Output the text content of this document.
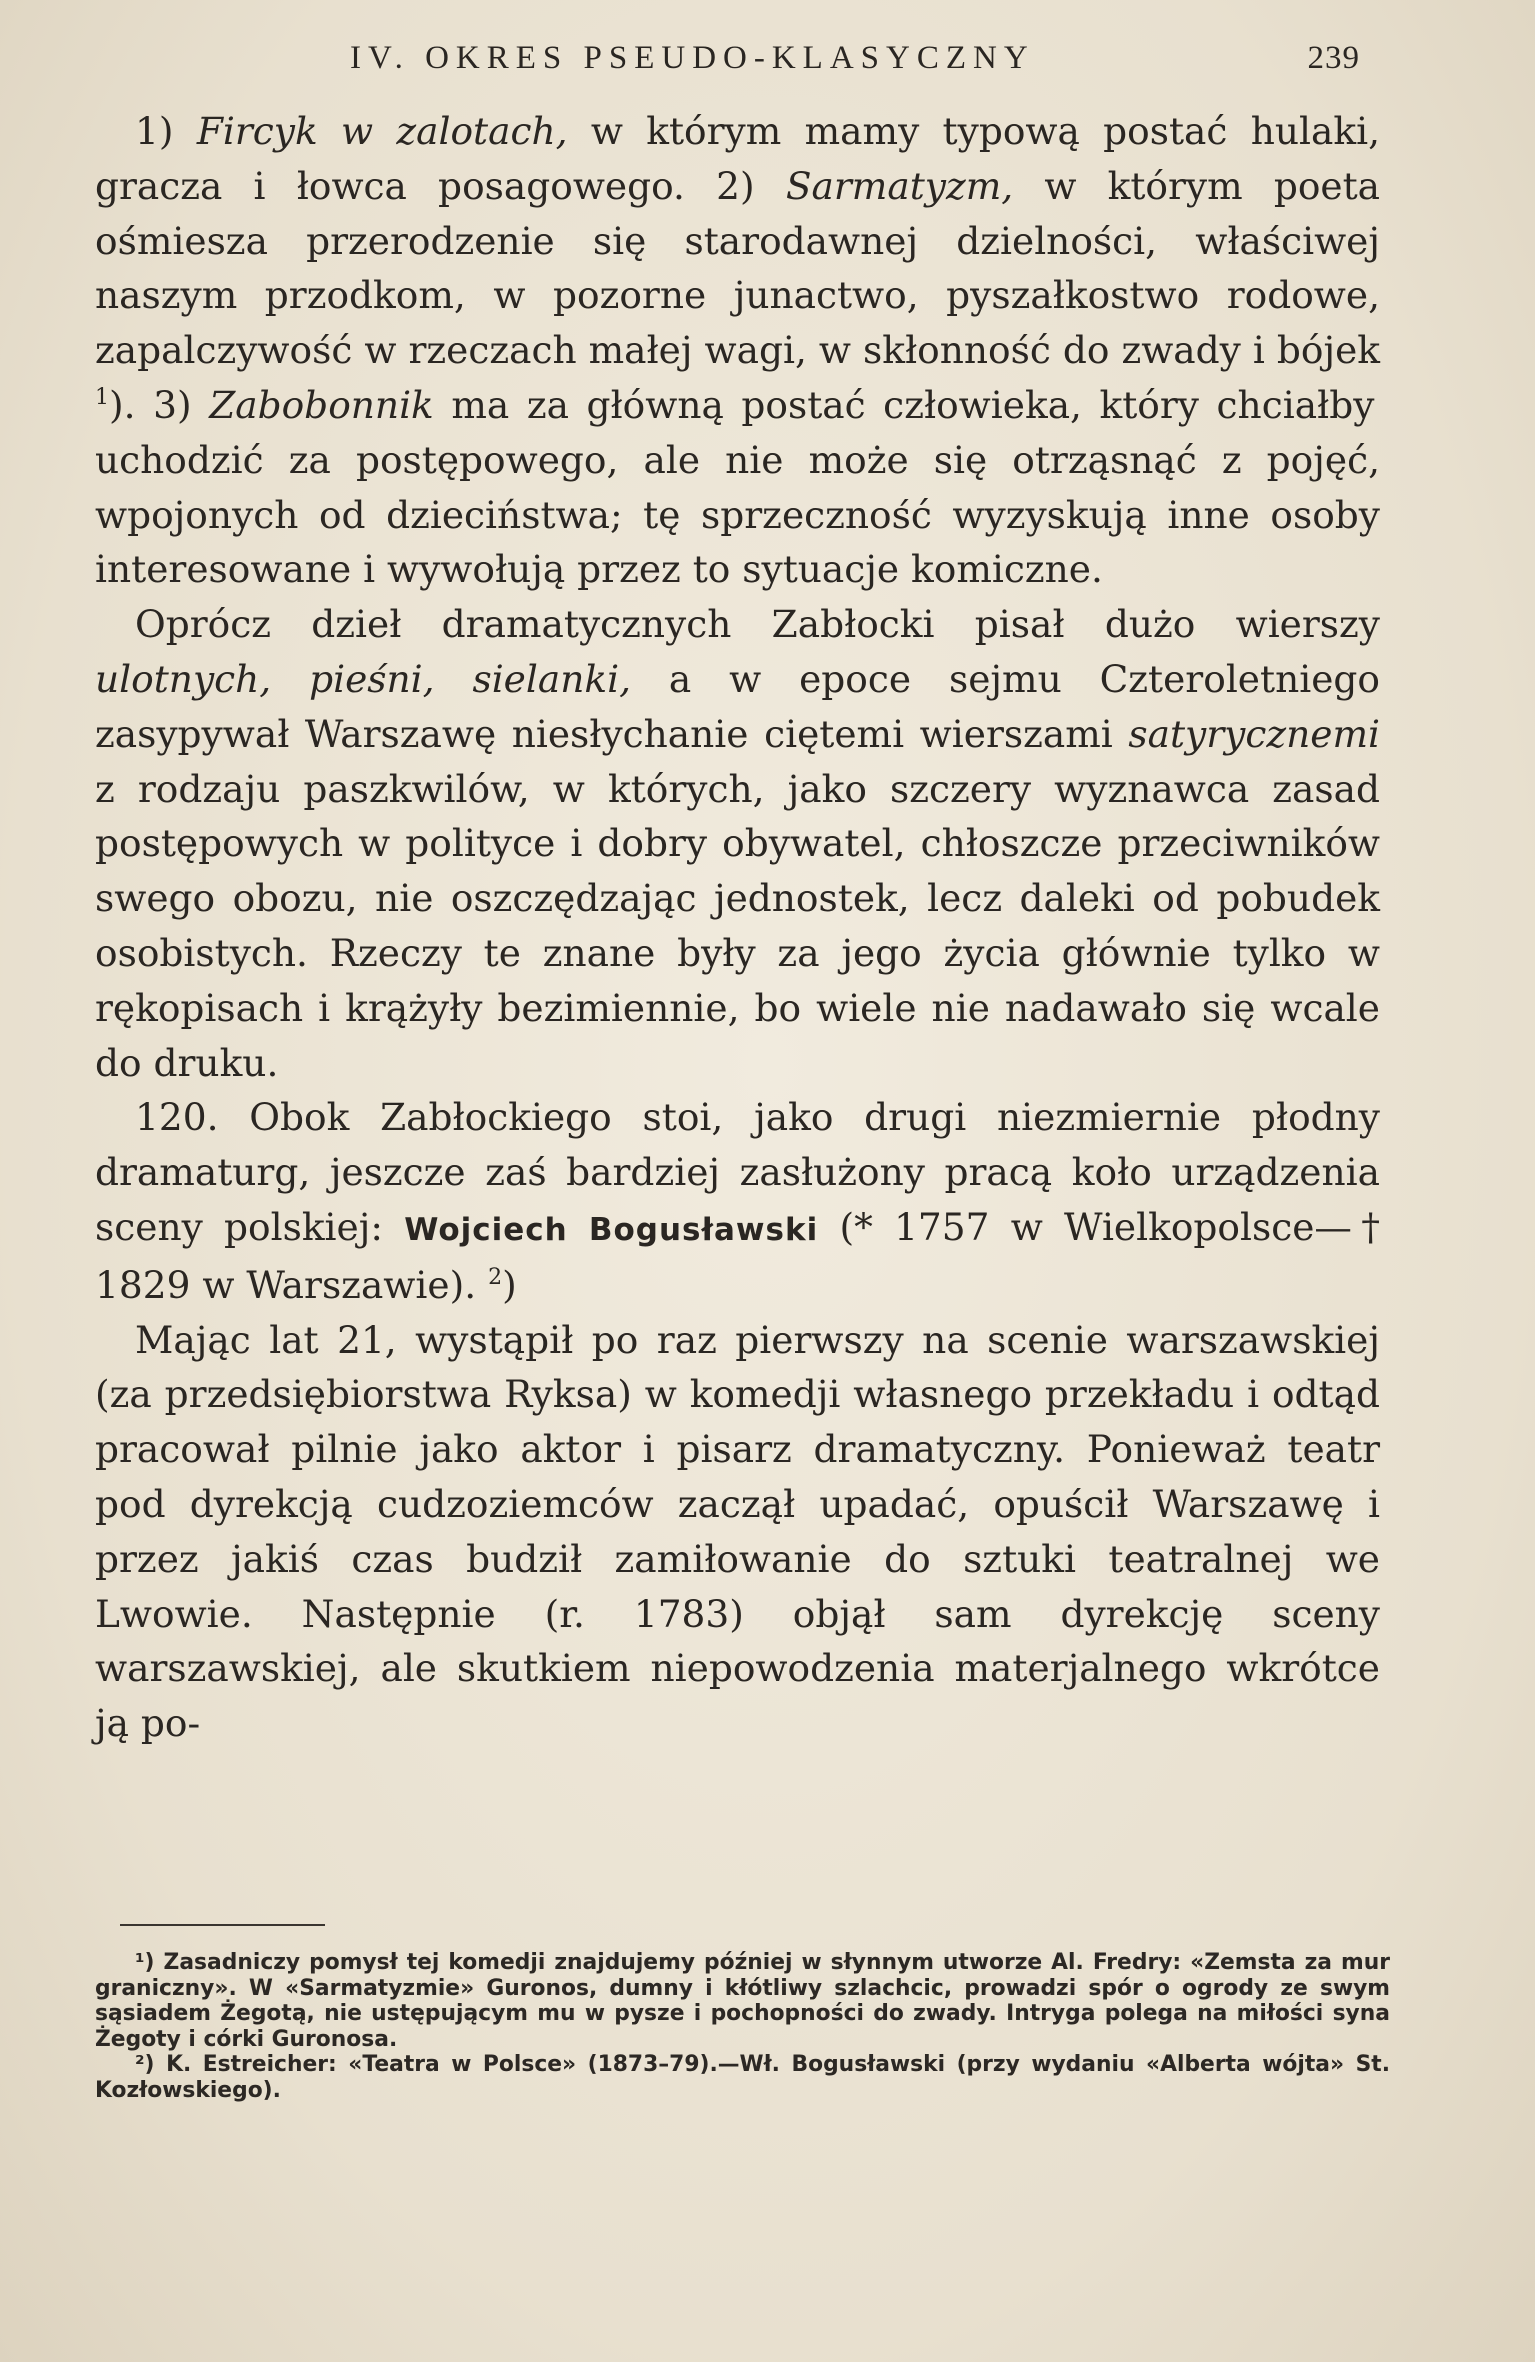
IV. OKRES PSEUDO-KLASYCZNY	239

1) Fircyk w zalotach, w którym mamy typową postać hulaki, gracza i łowca posagowego. 2) Sarmatyzm, w którym poeta ośmiesza przerodzenie się starodawnej dzielności, właściwej naszym przodkom, w pozorne junactwo, pyszałkostwo rodowe, zapalczywość w rzeczach małej wagi, w skłonność do zwady i bójek $^1$). 3) Zabobonnik ma za główną postać człowieka, który chciałby uchodzić za postępowego, ale nie może się otrząsnąć z pojęć, wpojonych od dzieciństwa; tę sprzeczność wyzyskują inne osoby interesowane i wywołują przez to sytuacje komiczne.

Oprócz dzieł dramatycznych Zabłocki pisał dużo wierszy ulotnych, pieśni, sielanki, a w epoce sejmu Czteroletniego zasypywał Warszawę niesłychanie ciętemi wierszami satyrycznemi z rodzaju paszkwilów, w których, jako szczery wyznawca zasad postępowych w polityce i dobry obywatel, chłoszcze przeciwników swego obozu, nie oszczędzając jednostek, lecz daleki od pobudek osobistych. Rzeczy te znane były za jego życia głównie tylko w rękopisach i krążyły bezimiennie, bo wiele nie nadawało się wcale do druku.

120. Obok Zabłockiego stoi, jako drugi niezmiernie płodny dramaturg, jeszcze zaś bardziej zasłużony pracą koło urządzenia sceny polskiej: Wojciech Bogusławski (* 1757 w Wielkopolsce—† 1829 w Warszawie). $^2$)

Mając lat 21, wystąpił po raz pierwszy na scenie warszawskiej (za przedsiębiorstwa Ryksa) w komedji własnego przekładu i odtąd pracował pilnie jako aktor i pisarz dramatyczny. Ponieważ teatr pod dyrekcją cudzoziemców zaczął upadać, opuścił Warszawę i przez jakiś czas budził zamiłowanie do sztuki teatralnej we Lwowie. Następnie (r. 1783) objął sam dyrekcję sceny warszawskiej, ale skutkiem niepowodzenia materjalnego wkrótce ją po-

¹) Zasadniczy pomysł tej komedji znajdujemy później w słynnym utworze Al. Fredry: «Zemsta za mur graniczny». W «Sarmatyzmie» Guronos, dumny i kłótliwy szlachcic, prowadzi spór o ogrody ze swym sąsiadem Żegotą, nie ustępującym mu w pysze i pochopności do zwady. Intryga polega na miłości syna Żegoty i córki Guronosa.

²) K. Estreicher: «Teatra w Polsce» (1873–79).—Wł. Bogusławski (przy wydaniu «Alberta wójta» St. Kozłowskiego).
